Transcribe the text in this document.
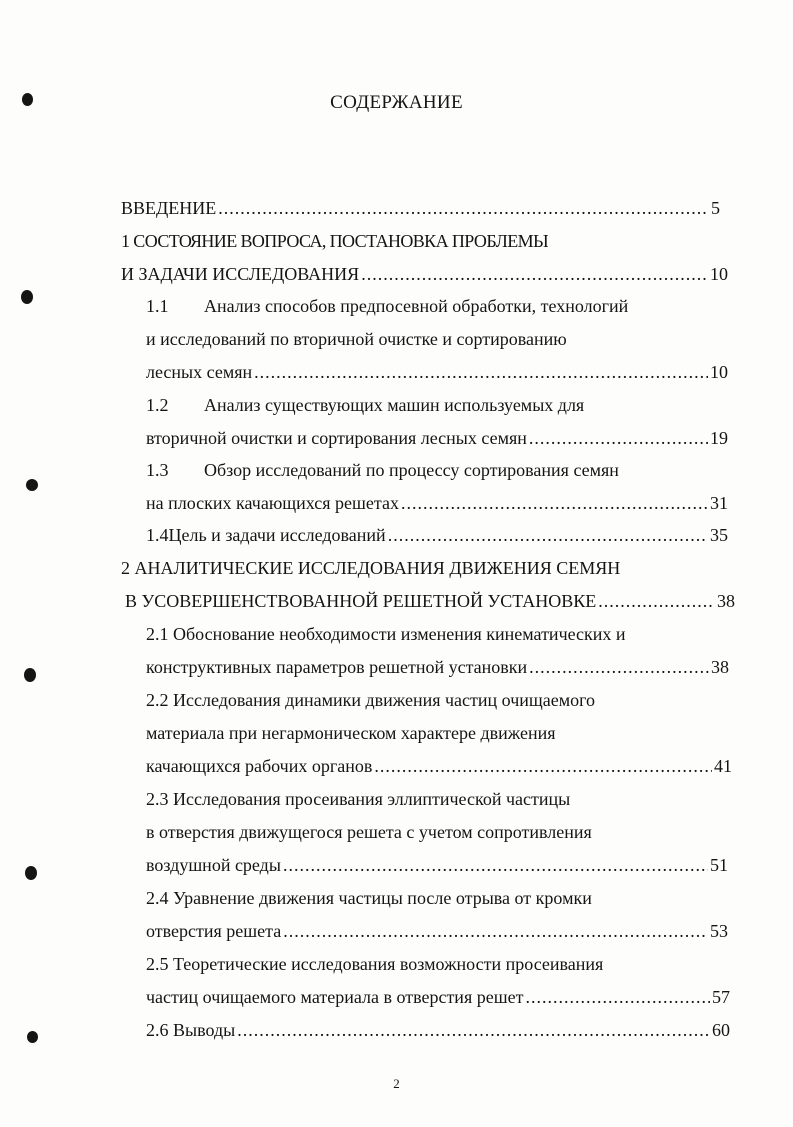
СОДЕРЖАНИЕ
ВВЕДЕНИЕ .....	5
1 СОСТОЯНИЕ ВОПРОСА, ПОСТАНОВКА ПРОБЛЕМЫ
И ЗАДАЧИ ИССЛЕДОВАНИЯ .....	10
1.1 Анализ способов предпосевной обработки, технологий
и исследований по вторичной очистке и сортированию
лесных семян .....	10
1.2 Анализ существующих машин используемых для
вторичной очистки и сортирования лесных семян .....	19
1.3 Обзор исследований по процессу сортирования семян
на плоских качающихся решетах .....	31
1.4 Цель и задачи исследований .....	35
2 АНАЛИТИЧЕСКИЕ ИССЛЕДОВАНИЯ ДВИЖЕНИЯ СЕМЯН
В УСОВЕРШЕНСТВОВАННОЙ РЕШЕТНОЙ УСТАНОВКЕ .....	38
2.1 Обоснование необходимости изменения кинематических и
конструктивных параметров решетной установки .....	38
2.2 Исследования динамики движения частиц очищаемого
материала при негармоническом характере движения
качающихся рабочих органов .....	41
2.3 Исследования просеивания эллиптической частицы
в отверстия движущегося решета с учетом сопротивления
воздушной среды .....	51
2.4 Уравнение движения частицы после отрыва от кромки
отверстия решета .....	53
2.5 Теоретические исследования возможности просеивания
частиц очищаемого материала в отверстия решет .....	57
2.6 Выводы .....	60
2
